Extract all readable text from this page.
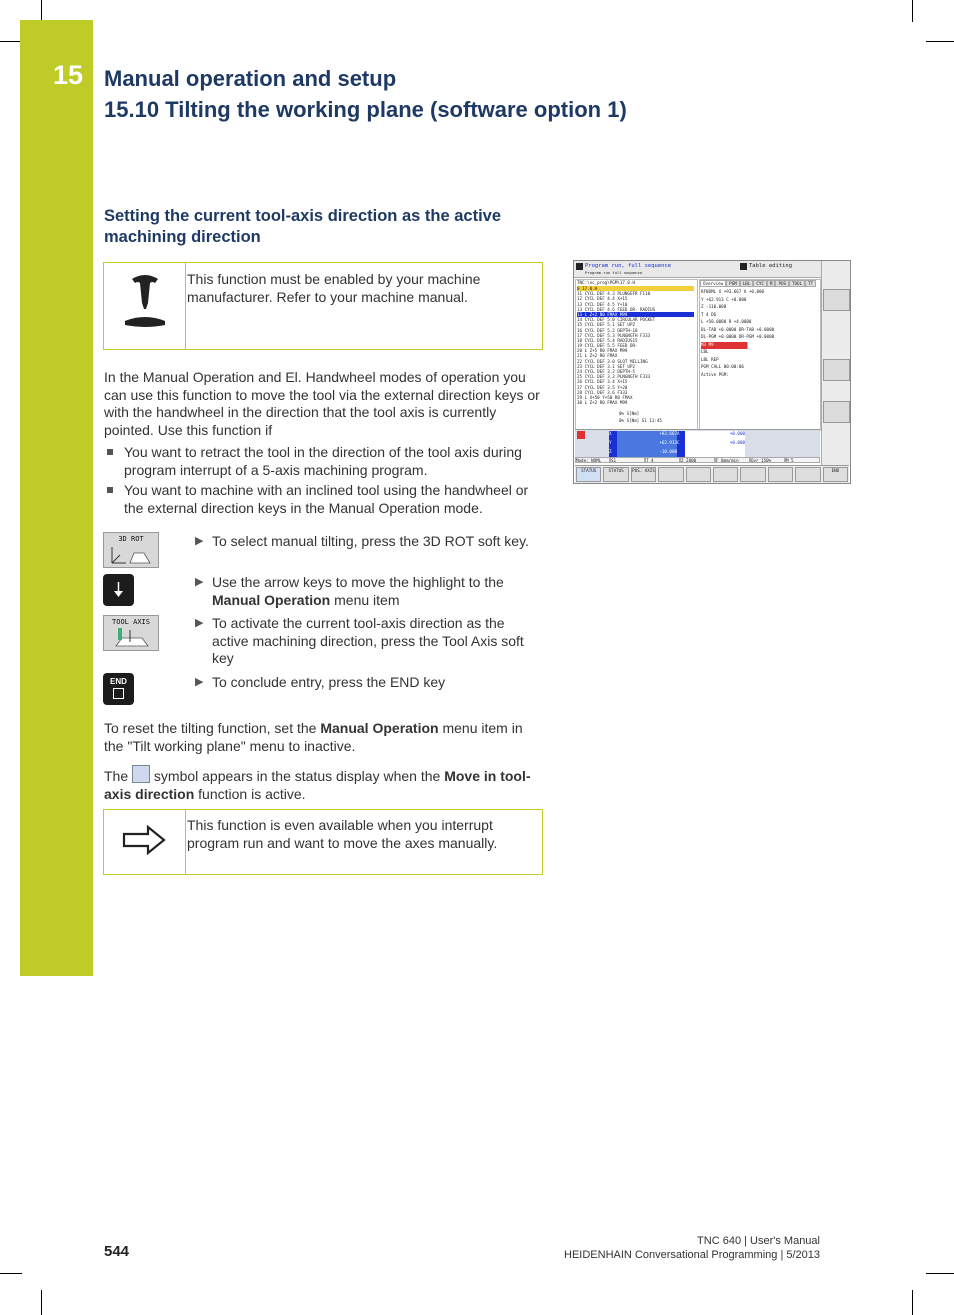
15 Manual operation and setup
15.10 Tilting the working plane (software option 1)
Setting the current tool-axis direction as the active machining direction
This function must be enabled by your machine manufacturer. Refer to your machine manual.
In the Manual Operation and El. Handwheel modes of operation you can use this function to move the tool via the external direction keys or with the handwheel in the direction that the tool axis is currently pointed. Use this function if
You want to retract the tool in the direction of the tool axis during program interrupt of a 5-axis machining program.
You want to machine with an inclined tool using the handwheel or the external direction keys in the Manual Operation mode.
3D ROT	▶ To select manual tilting, press the 3D ROT soft key.
▶ Use the arrow keys to move the highlight to the Manual Operation menu item
TOOL AXIS	▶ To activate the current tool-axis direction as the active machining direction, press the Tool Axis soft key
END	▶ To conclude entry, press the END key
To reset the tilting function, set the Manual Operation menu item in the "Tilt working plane" menu to inactive.
The  symbol appears in the status display when the Move in tool-axis direction function is active.
This function is even available when you interrupt program run and want to move the axes manually.
Program run, full sequence
Program run full sequence
Table editing
TNC:\nc_prog\PGM\17.0.H
0 17.0.H
11 CYCL DEF 4.3 PLUNGEFR F110
12 CYCL DEF 4.4 X+15
13 CYCL DEF 4.5 Y+10
13 CYCL DEF 4.6 FEED DR- RADIUS
13 L Z+2 R0 FMAX M99
14 CYCL DEF 5.0 CIRCULAR POCKET
15 CYCL DEF 5.1 SET UP2
16 CYCL DEF 5.2 DEPTH-10
17 CYCL DEF 5.3 PLNGNGTH F333
18 CYCL DEF 5.4 RADIUS15
19 CYCL DEF 5.5 FEED DR-
20 L Z+5 R0 FMAX M99
21 L Z+2 R0 FMAX
22 CYCL DEF 3.0 SLOT MILLING
23 CYCL DEF 3.1 SET UP2
24 CYCL DEF 3.2 DEPTH-5
25 CYCL DEF 3.3 PLNGNGTH F333
26 CYCL DEF 3.4 X+15
27 CYCL DEF 3.5 Y+20
28 CYCL DEF 3.6 F333
29 L X+50 Y+50 R0 FMAX
30 L Z+2 R0 FMAX M99
Overview	PGM	LBL	CYC	M	POS	TOOL	TT
RFNOML X +93.667 A +0.000
Y +62.913 C +0.000
Z -110.000
T 4 D6
L +50.0000 R +4.0000
DL-TAB +0.0000 DR-TAB +0.0000
DL-PGM +0.0000 DR-PGM +0.0000
M3 M9
LBL
LBL REP
PGM CALL 00:00:06
Active PGM:
0% S[Nm]
0% S[Nm] S1 11:45
X	+93.667 A	+0.000
Y	+62.913 C	+0.000
Z	-10.000
Mode: NOML	S1	T 4	Z 2000	F 0mm/min	Ovr 150%	M 5
STATUS	STATUS	POS. AXIS	END
544
TNC 640 | User's Manual
HEIDENHAIN Conversational Programming | 5/2013
